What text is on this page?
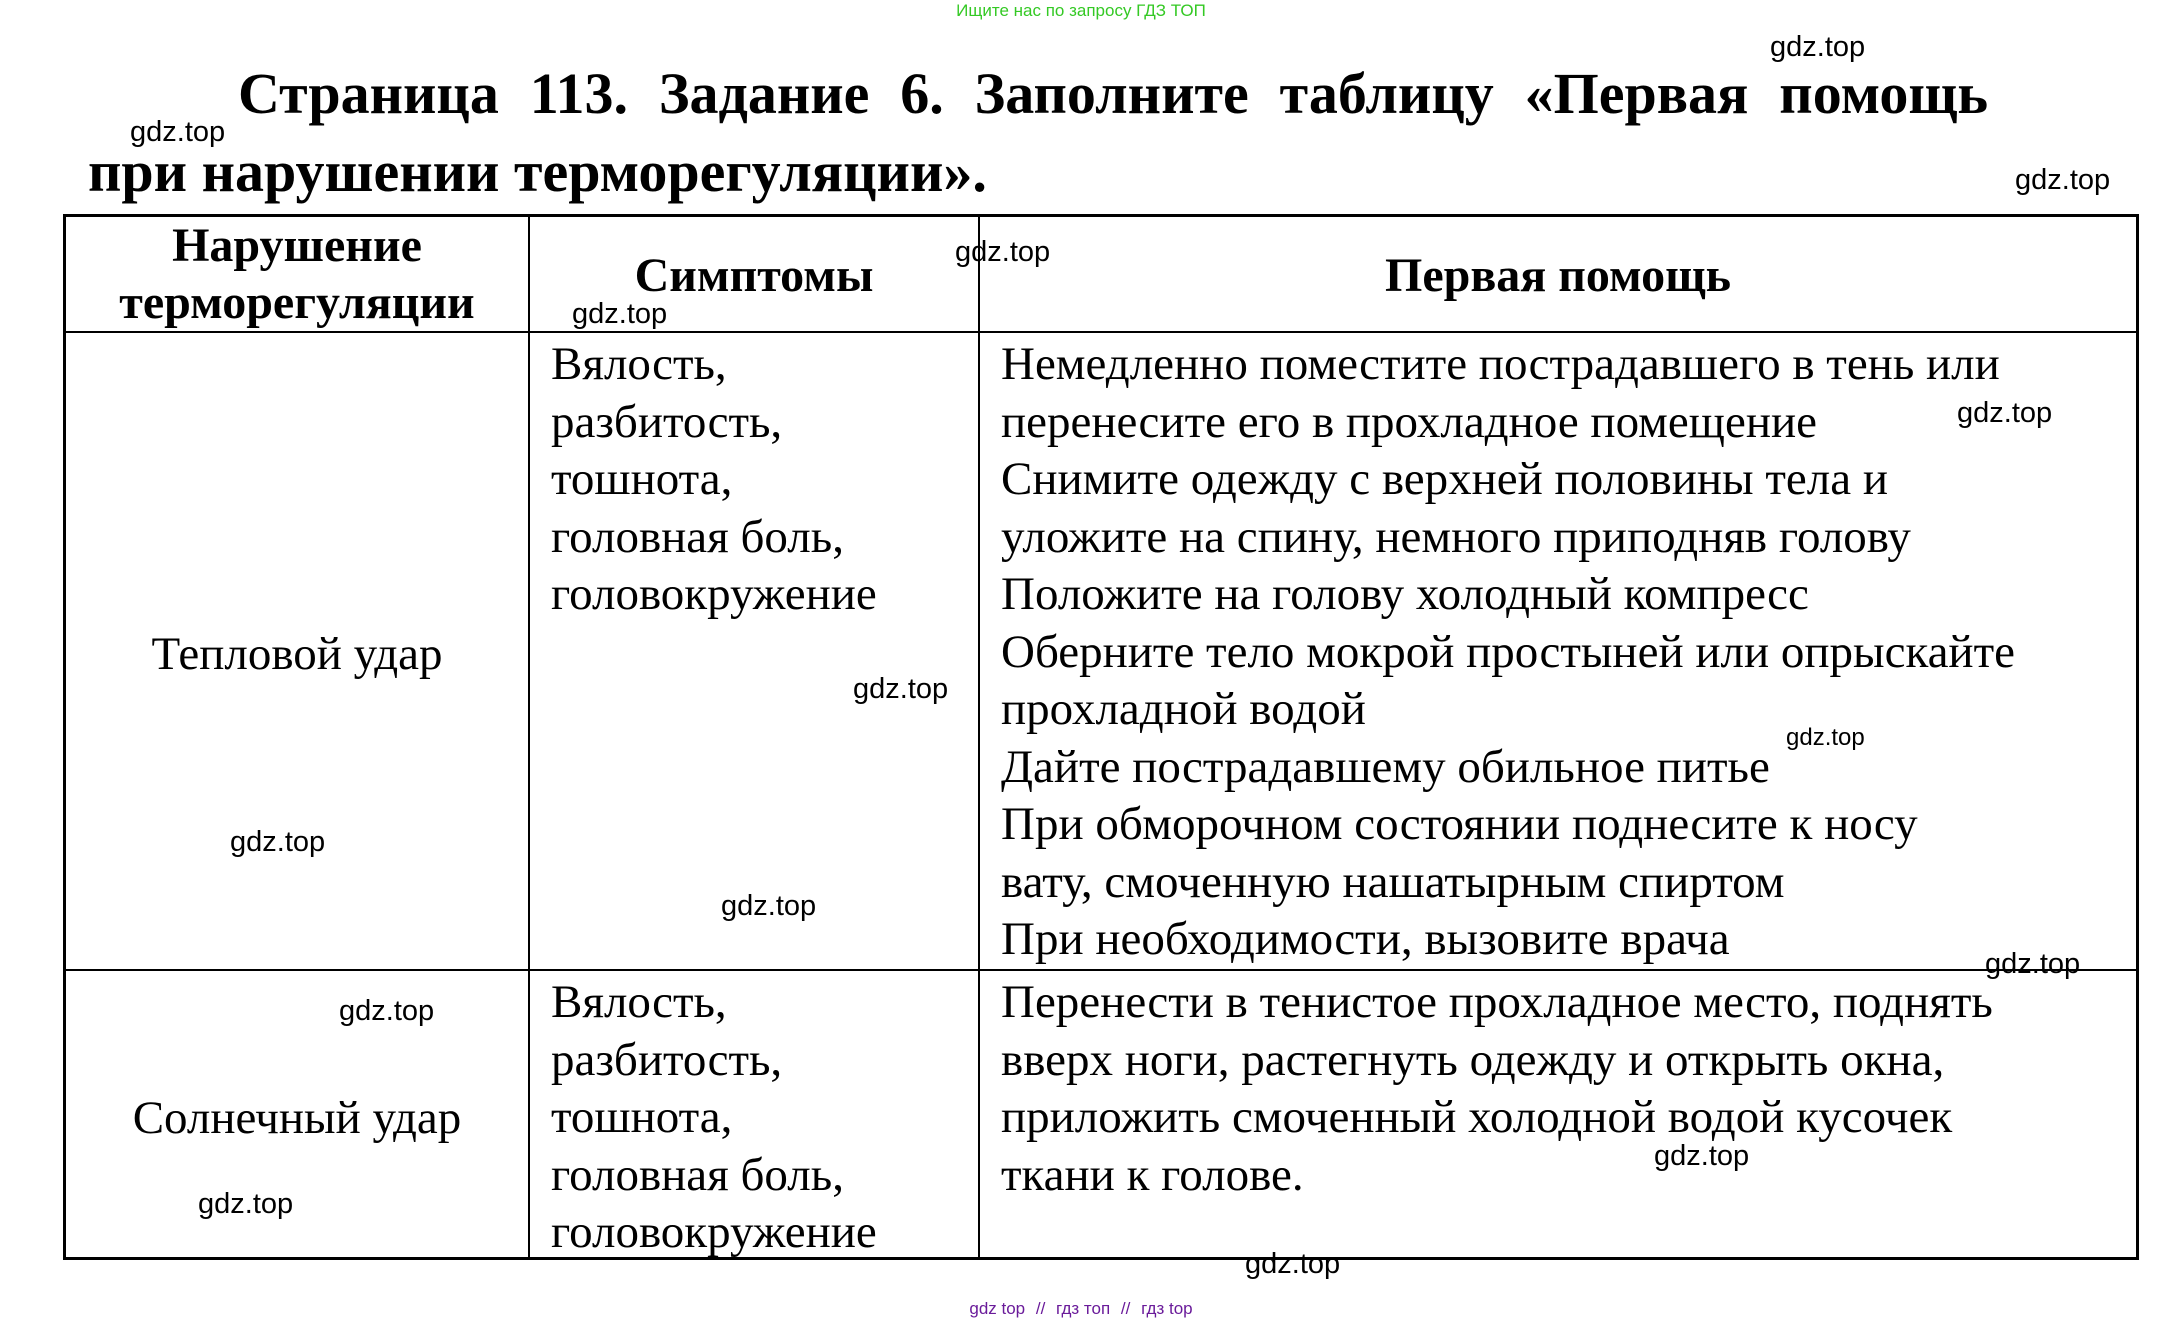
Ищите нас по запросу ГДЗ ТОП
Страница 113. Задание 6. Заполните таблицу «Первая помощь
при нарушении терморегуляции».
Нарушение
терморегуляции
Симптомы	Первая помощь
Тепловой удар
Вялость,
разбитость,
тошнота,
головная боль,
головокружение
Немедленно поместите пострадавшего в тень или
перенесите его в прохладное помещение
Снимите одежду с верхней половины тела и
уложите на спину, немного приподняв голову
Положите на голову холодный компресс
Оберните тело мокрой простыней или опрыскайте
прохладной водой
Дайте пострадавшему обильное питье
При обморочном состоянии поднесите к носу
вату, смоченную нашатырным спиртом
При необходимости, вызовите врача
Солнечный удар
Вялость,
разбитость,
тошнота,
головная боль,
головокружение
Перенести в тенистое прохладное место, поднять
вверх ноги, растегнуть одежду и открыть окна,
приложить смоченный холодной водой кусочек
ткани к голове.
gdz.top
gdz.top
gdz.top
gdz.top
gdz.top
gdz.top
gdz.top
gdz.top
gdz.top
gdz.top
gdz.top
gdz.top
gdz.top
gdz.top
gdz.top
gdz top // гдз топ // гдз top
